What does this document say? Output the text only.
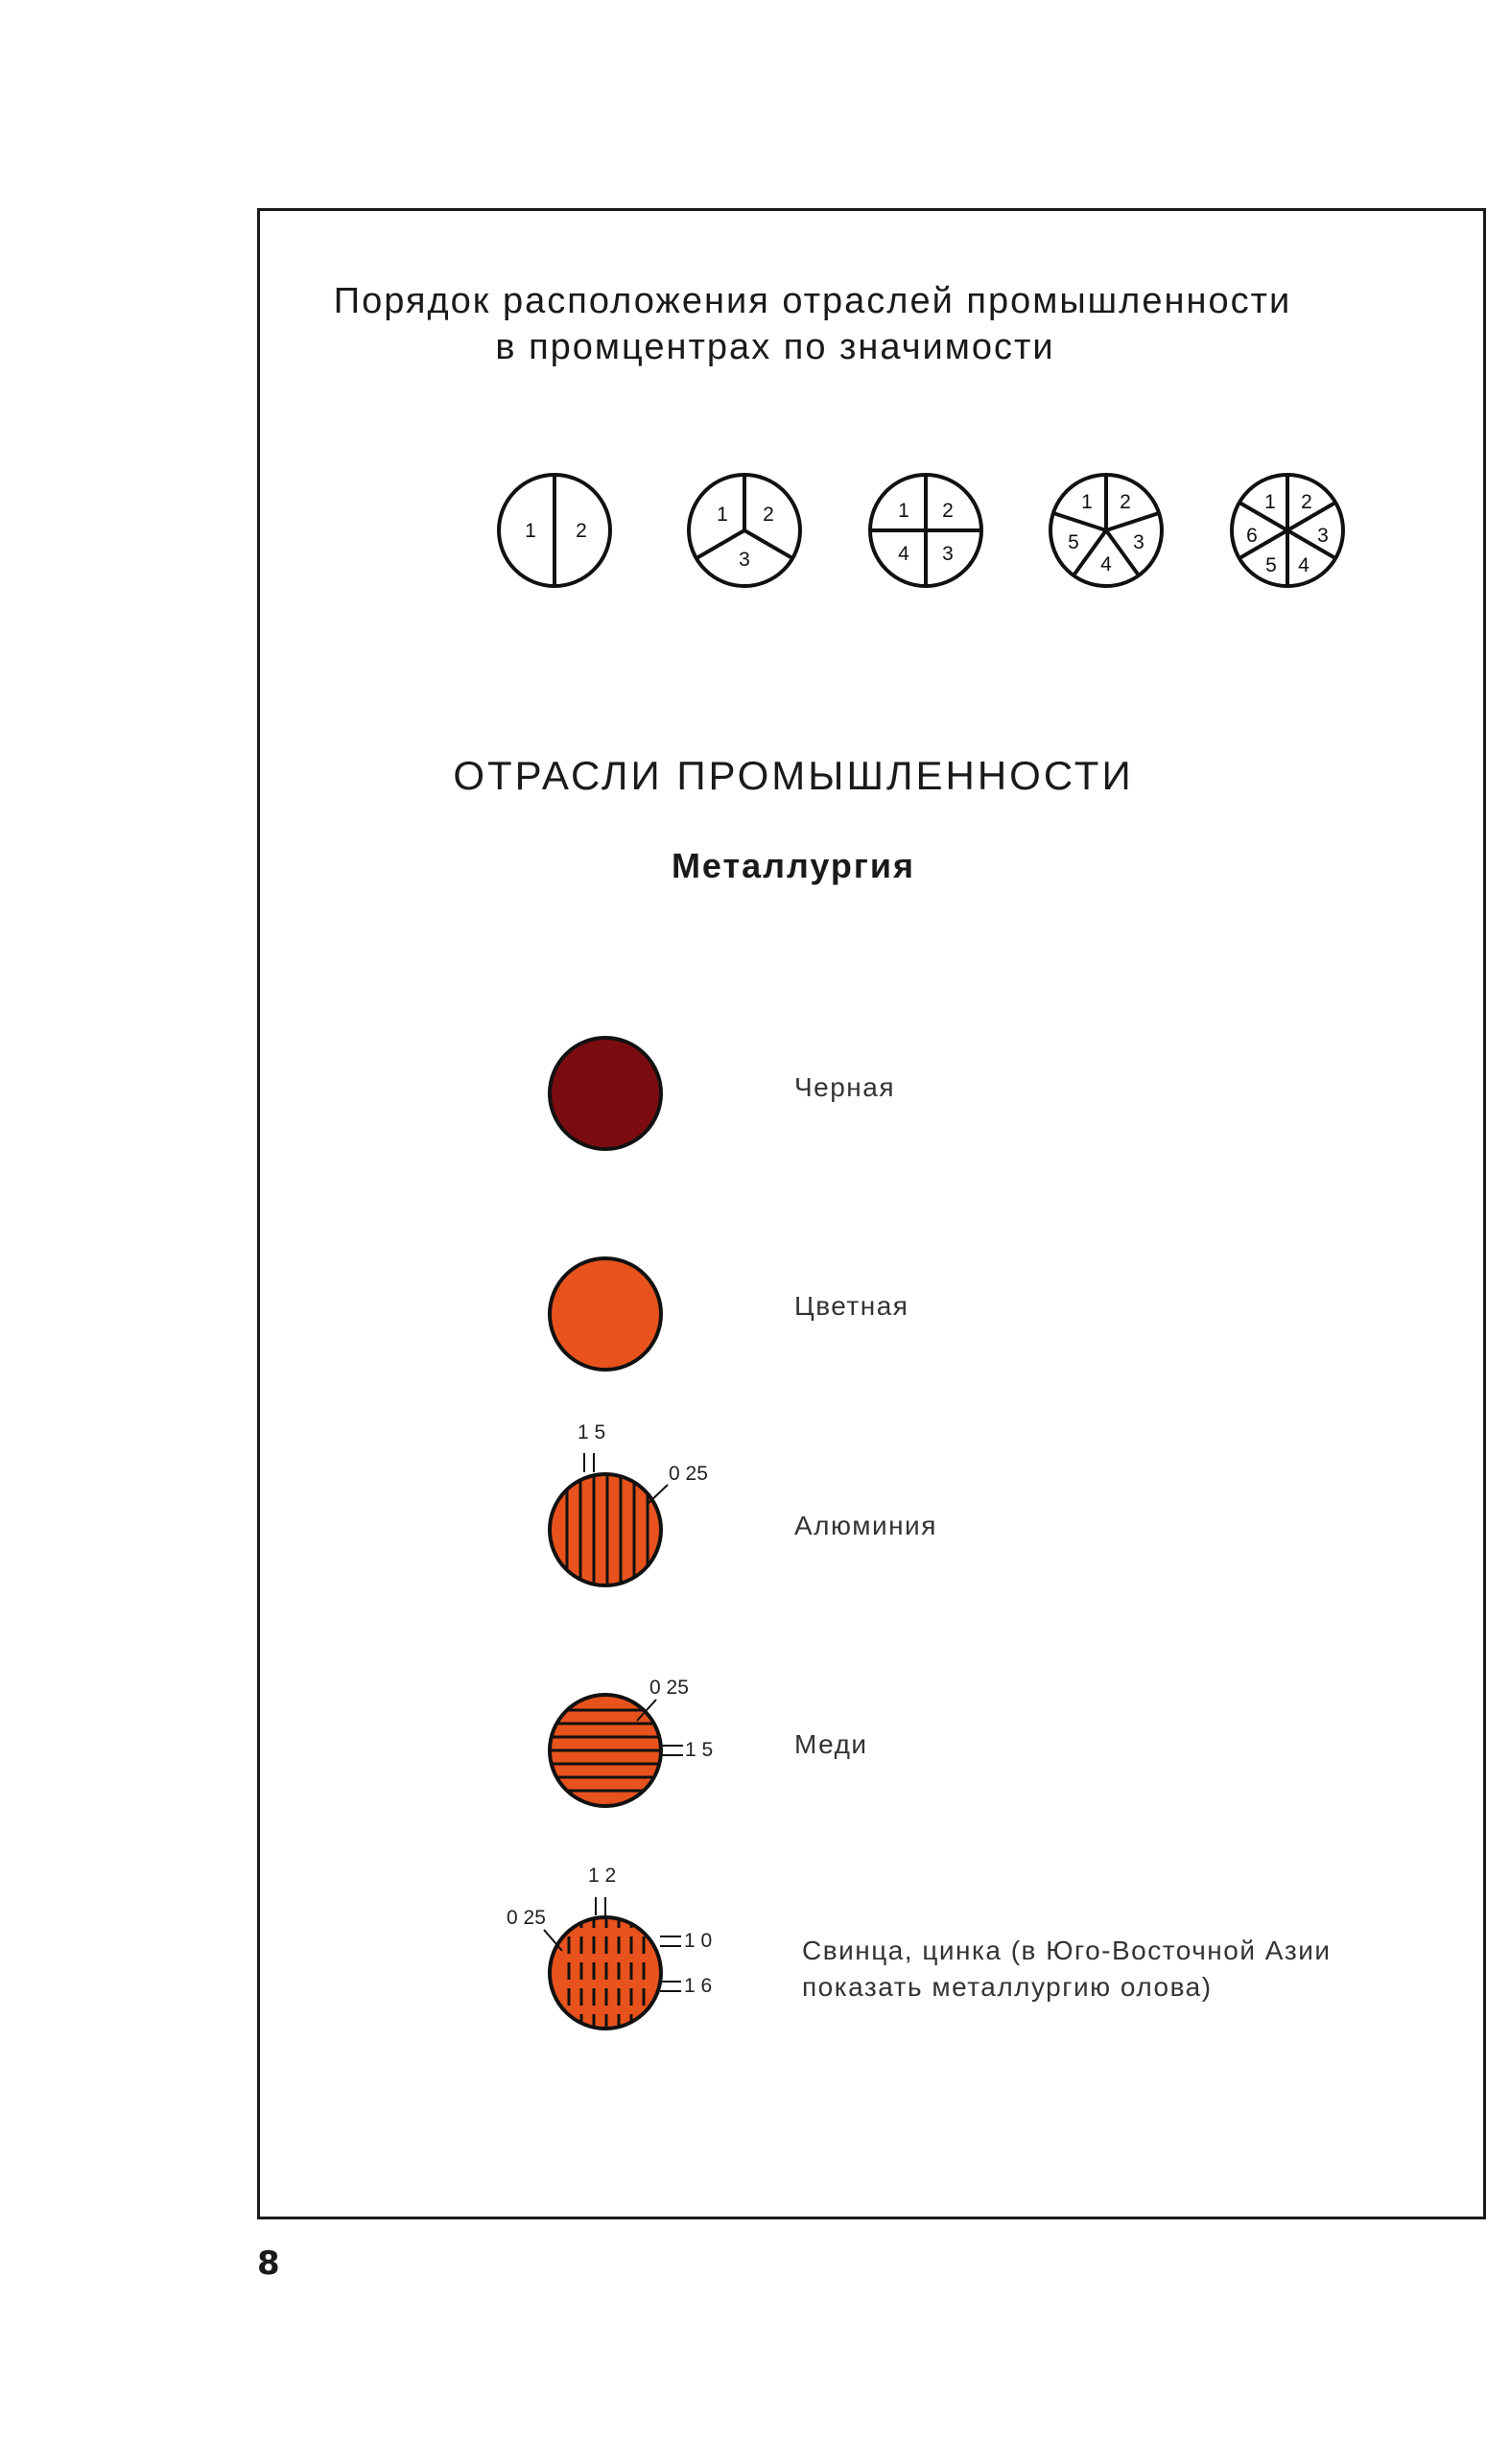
Порядок расположения отраслей промышленности
в промцентрах по значимости
1 2
1 2
3
1 2
3
4
1 2
3
4
5
1 2
3
4
5
6
ОТРАСЛИ ПРОМЫШЛЕННОСТИ
Металлургия
Черная
Цветная
Алюминия
Меди
Свинца, цинка (в Юго-Восточной Азии
показать металлургию олова)
1 5
0 25
0 25
1 5
1 2
0 25
1 0
1 6
8
